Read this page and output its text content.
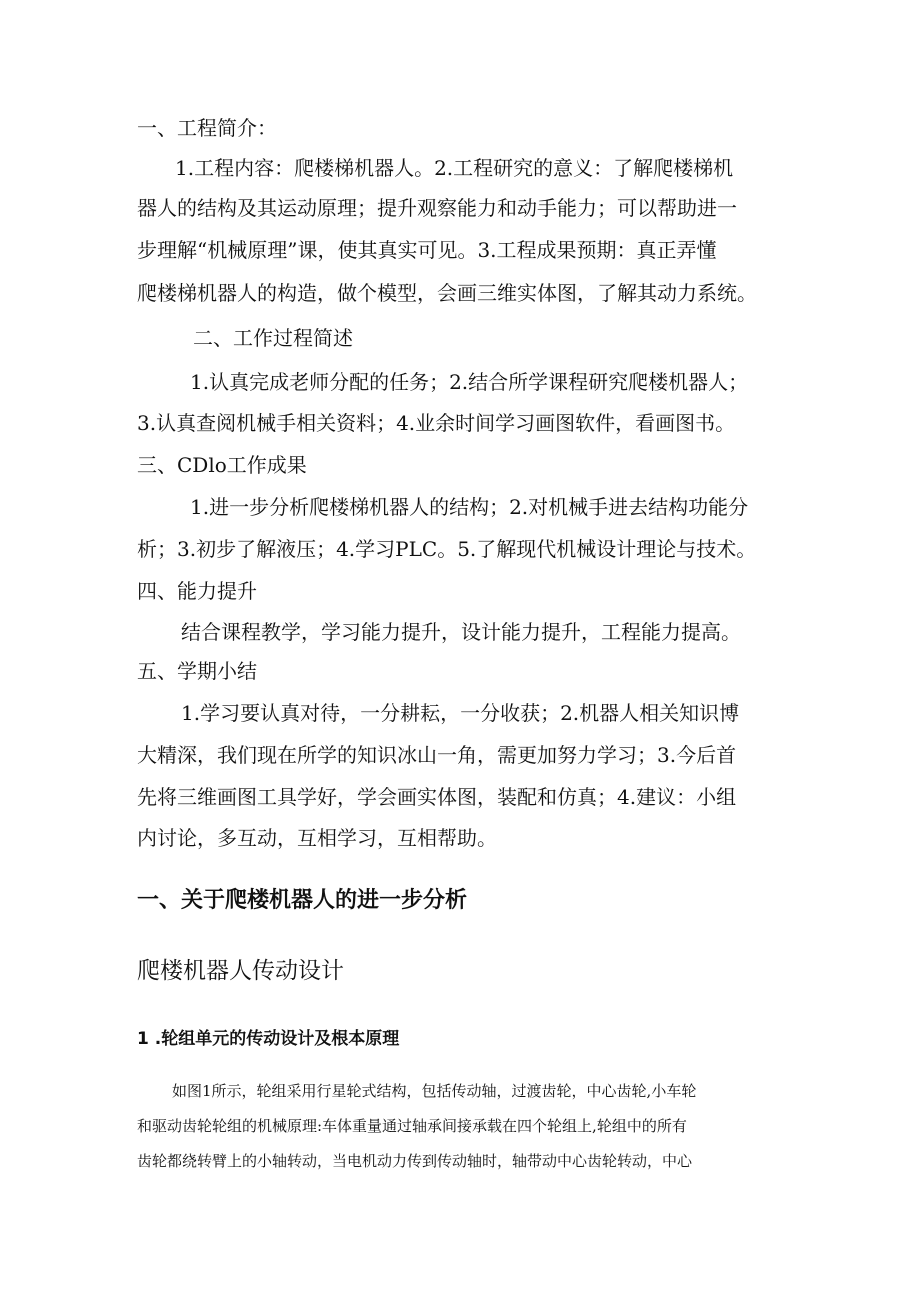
一、工程简介：
1.工程内容：爬楼梯机器人。2.工程研究的意义：了解爬楼梯机
器人的结构及其运动原理；提升观察能力和动手能力；可以帮助进一
步理解“机械原理”课，使其真实可见。3.工程成果预期：真正弄懂
爬楼梯机器人的构造，做个模型，会画三维实体图，了解其动力系统。
二、工作过程简述
1.认真完成老师分配的任务；2.结合所学课程研究爬楼机器人；
3.认真查阅机械手相关资料；4.业余时间学习画图软件，看画图书。
三、CDlo工作成果
1.进一步分析爬楼梯机器人的结构；2.对机械手进去结构功能分
析；3.初步了解液压；4.学习PLC。5.了解现代机械设计理论与技术。
四、能力提升
结合课程教学，学习能力提升，设计能力提升，工程能力提高。
五、学期小结
1.学习要认真对待，一分耕耘，一分收获；2.机器人相关知识博
大精深，我们现在所学的知识冰山一角，需更加努力学习；3.今后首
先将三维画图工具学好，学会画实体图，装配和仿真；4.建议：小组
内讨论，多互动，互相学习，互相帮助。
一、关于爬楼机器人的进一步分析
爬楼机器人传动设计
1 .轮组单元的传动设计及根本原理
如图1所示，轮组采用行星轮式结构，包括传动轴，过渡齿轮，中心齿轮,小车轮
和驱动齿轮轮组的机械原理:车体重量通过轴承间接承载在四个轮组上,轮组中的所有
齿轮都绕转臂上的小轴转动，当电机动力传到传动轴时，轴带动中心齿轮转动，中心
